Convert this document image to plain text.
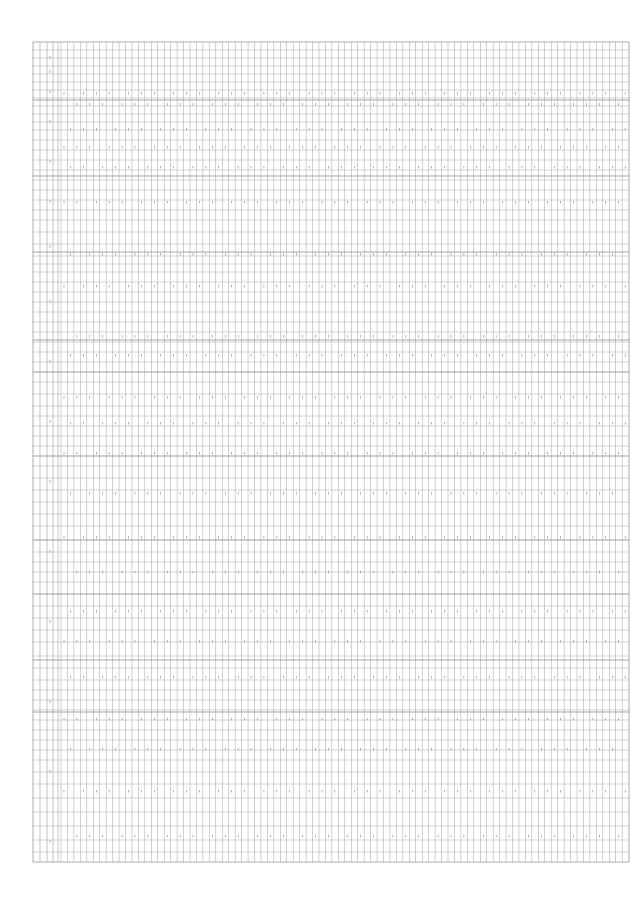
-
